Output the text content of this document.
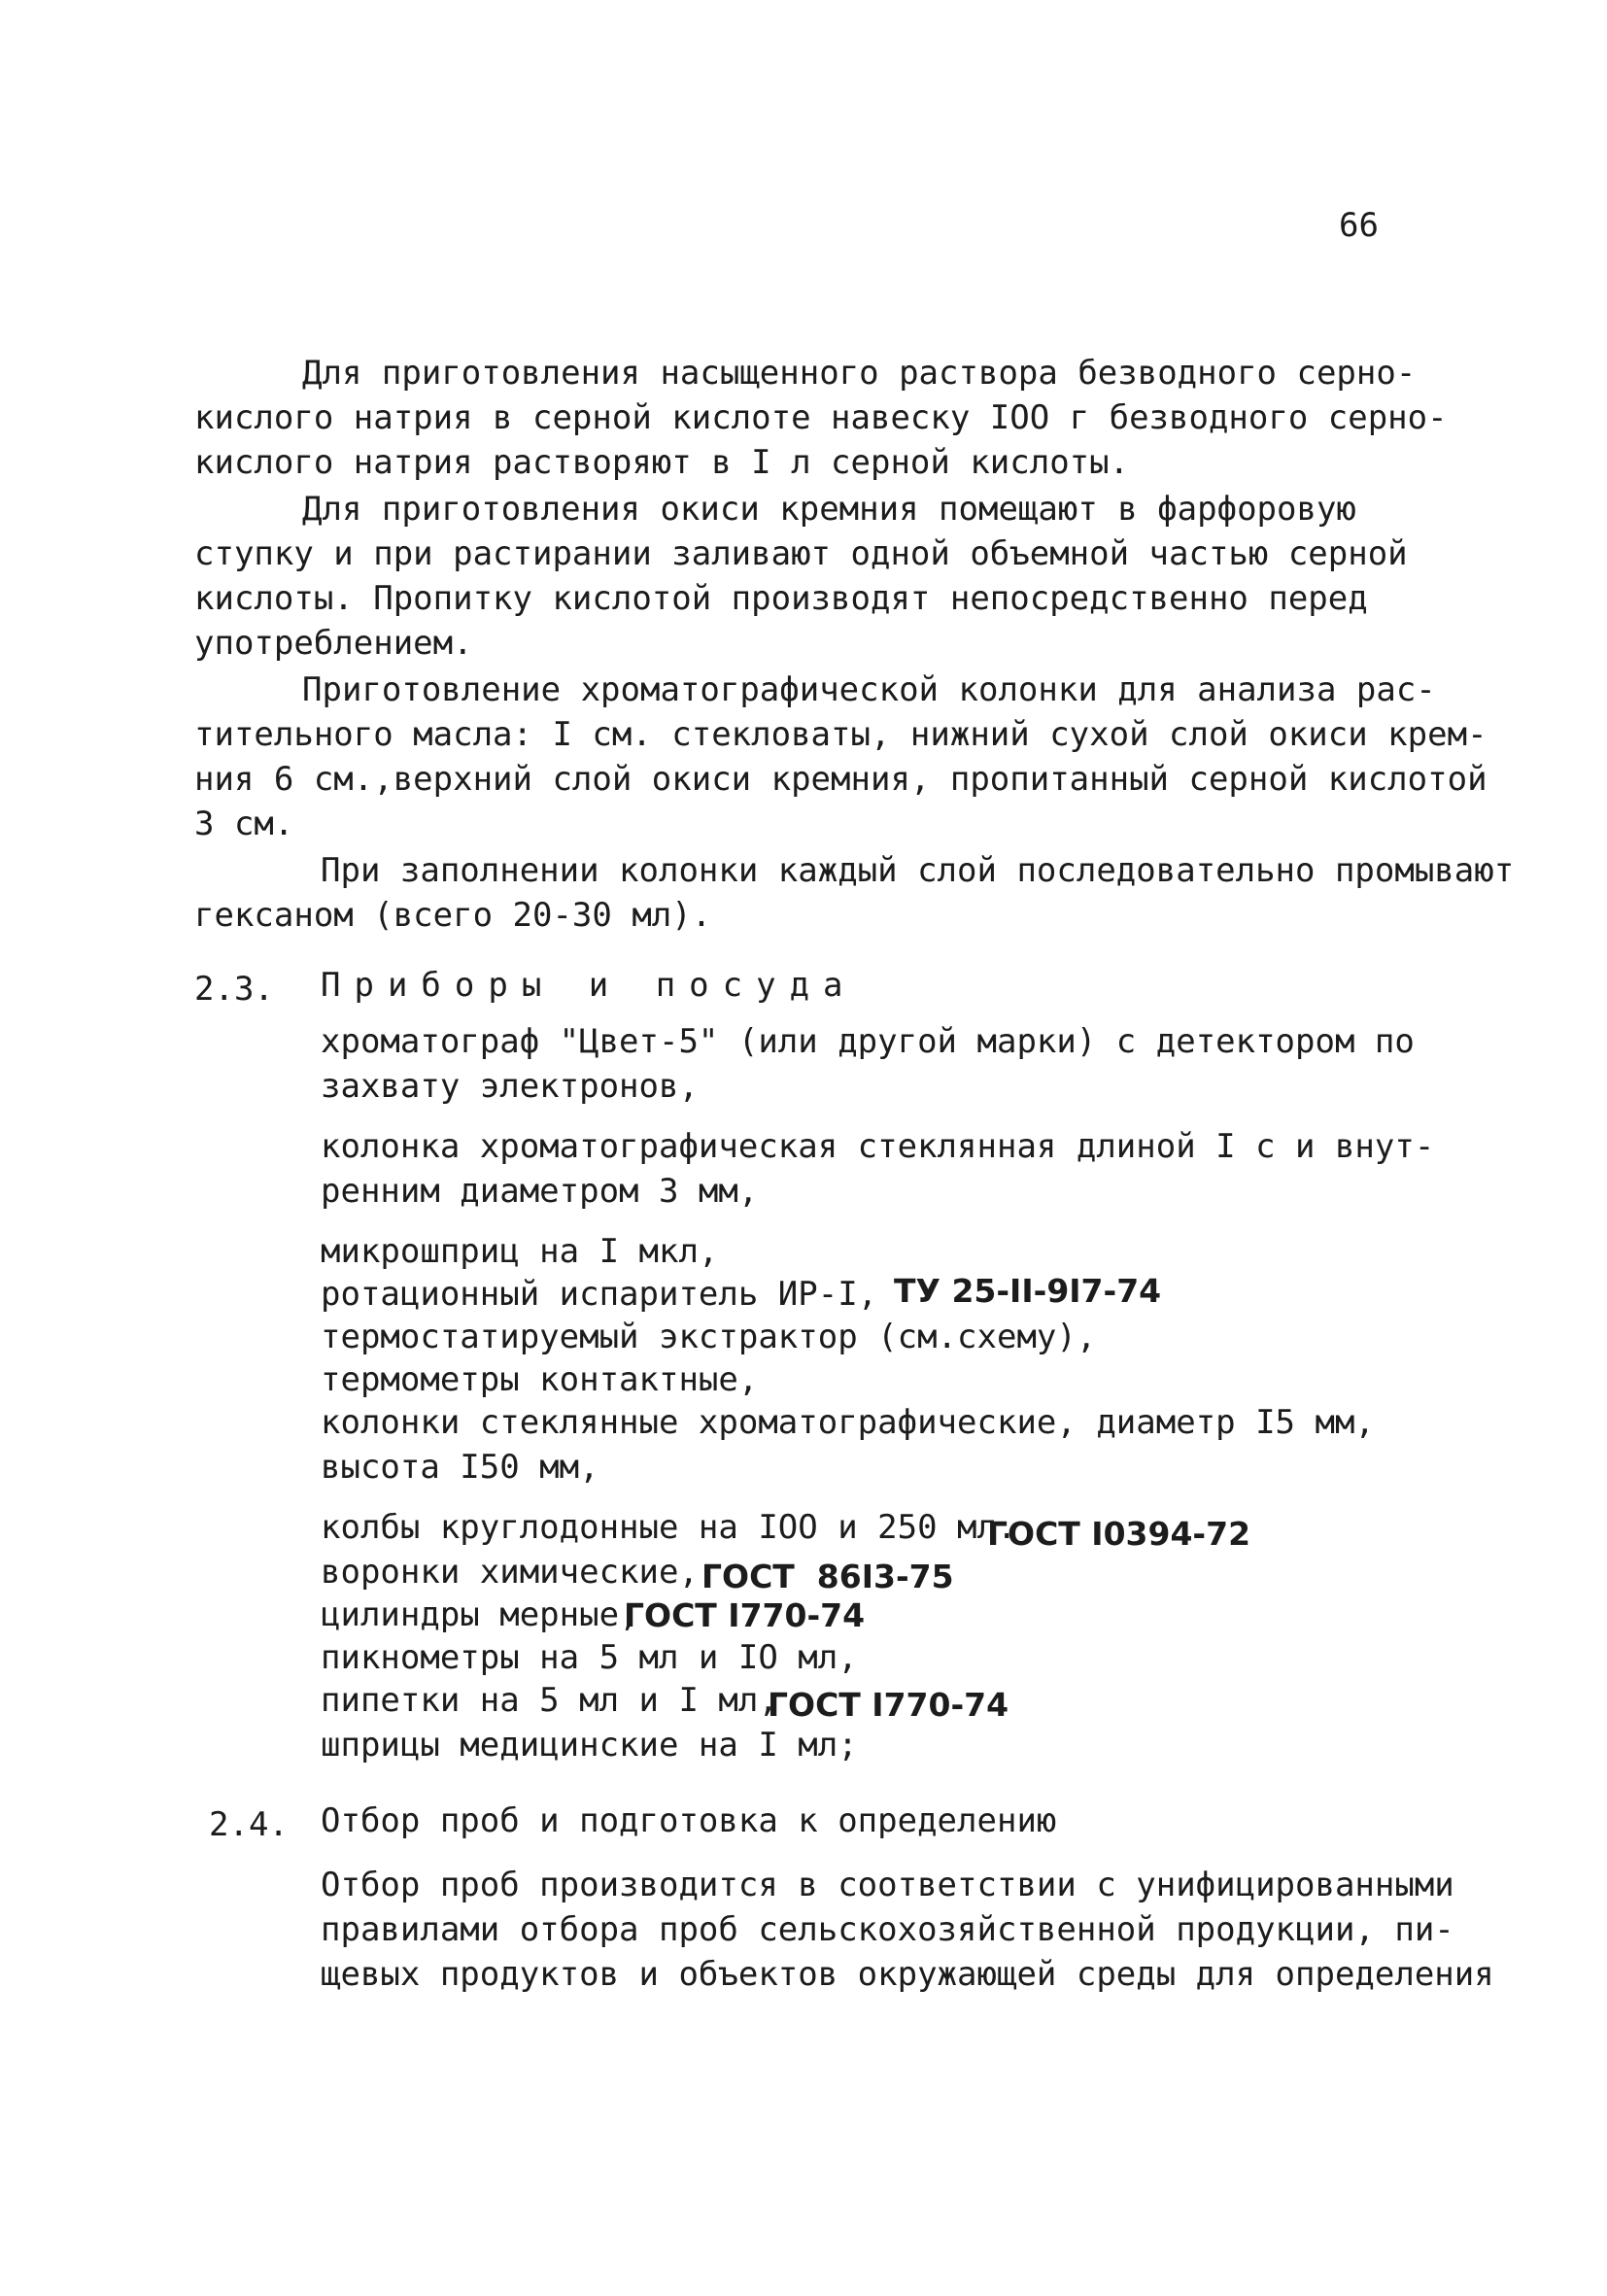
66
Для приготовления насыщенного раствора безводного серно-
кислого натрия в серной кислоте навеску IOO г безводного серно-
кислого натрия растворяют в I л серной кислоты.
Для приготовления окиси кремния помещают в фарфоровую
ступку и при растирании заливают одной объемной частью серной
кислоты. Пропитку кислотой производят непосредственно перед
употреблением.
Приготовление хроматографической колонки для анализа рас-
тительного масла: I см. стекловаты, нижний сухой слой окиси крем-
ния 6 см.,верхний слой окиси кремния, пропитанный серной кислотой
3 см.
При заполнении колонки каждый слой последовательно промывают
гексаном (всего 20-30 мл).
2.3. Приборы и посуда
хроматограф "Цвет-5" (или другой марки) с детектором по
захвату электронов,
колонка хроматографическая стеклянная длиной I с и внут-
ренним диаметром 3 мм,
микрошприц на I мкл,
ротационный испаритель ИР-I, ТУ 25-II-9I7-74
термостатируемый экстрактор (см.схему),
термометры контактные,
колонки стеклянные хроматографические, диаметр I5 мм,
высота I50 мм,
колбы круглодонные на IOO и 250 мл.
ГОСТ I0394-72
воронки химические, ГОСТ  86I3-75
цилиндры мерные,
ГОСТ I770-74
пикнометры на 5 мл и IO мл,
пипетки на 5 мл и I мл,
ГОСТ I770-74
шприцы медицинские на I мл;
2.4. Отбор проб и подготовка к определению
Отбор проб производится в соответствии с унифицированными
правилами отбора проб сельскохозяйственной продукции, пи-
щевых продуктов и объектов окружающей среды для определения
